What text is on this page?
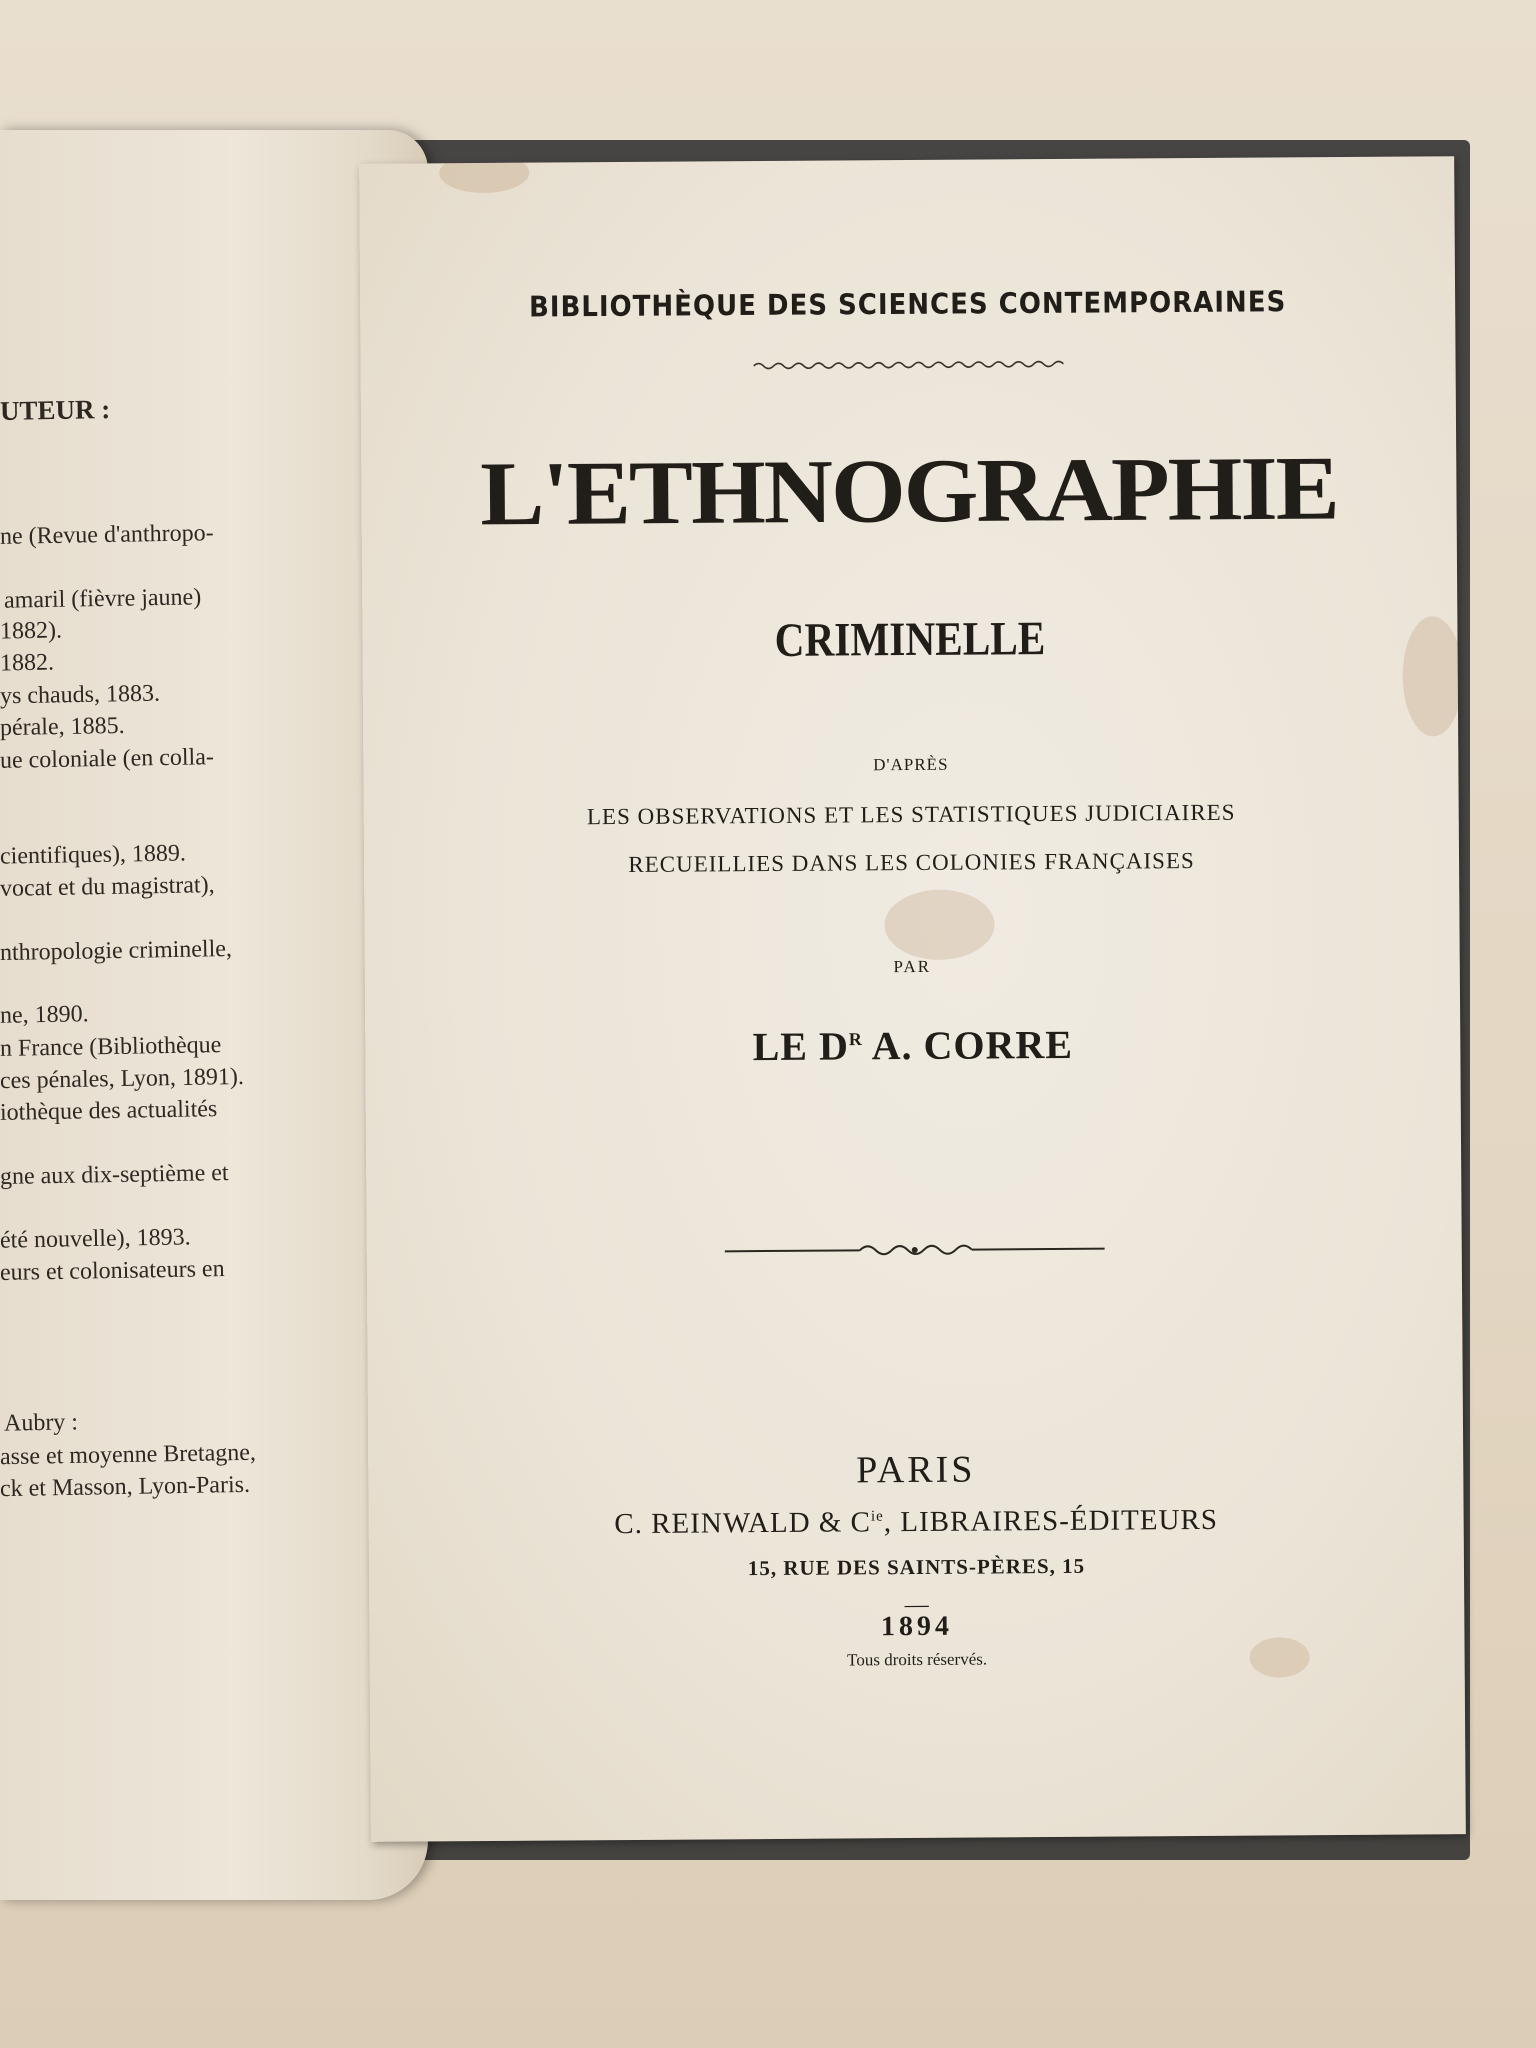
UTEUR :
ne (Revue d'anthropo-
amaril (fièvre jaune)
1882).
1882.
ys chauds, 1883.
pérale, 1885.
ue coloniale (en colla-
cientifiques), 1889.
vocat et du magistrat),
nthropologie criminelle,
ne, 1890.
n France (Bibliothèque
ces pénales, Lyon, 1891).
iothèque des actualités
gne aux dix-septième et
été nouvelle), 1893.
eurs et colonisateurs en
Aubry :
asse et moyenne Bretagne,
ck et Masson, Lyon-Paris.
BIBLIOTHÈQUE DES SCIENCES CONTEMPORAINES
L'ETHNOGRAPHIE
CRIMINELLE
D'APRÈS
LES OBSERVATIONS ET LES STATISTIQUES JUDICIAIRES
RECUEILLIES DANS LES COLONIES FRANÇAISES
PAR
LE $D^R$ A. CORRE
PARIS
C. REINWALD & $C^{ie}$, LIBRAIRES-ÉDITEURS
15, RUE DES SAINTS-PÈRES, 15
—
1894
Tous droits réservés.
